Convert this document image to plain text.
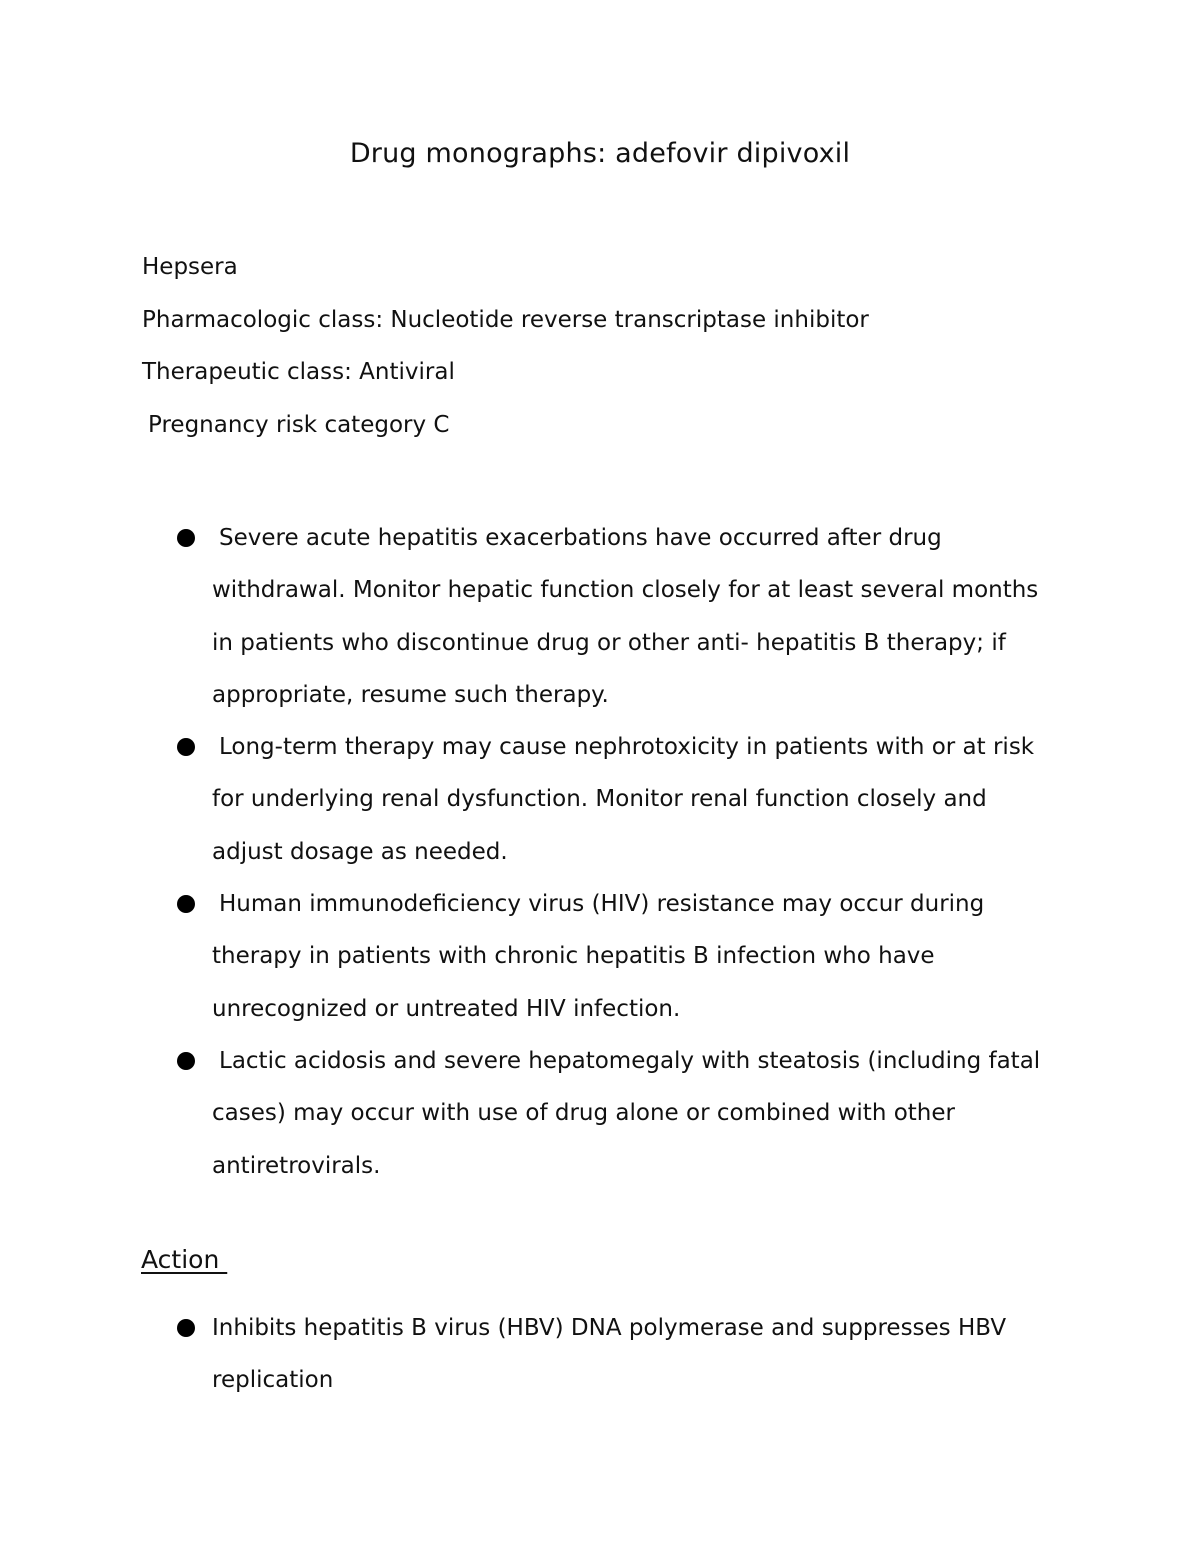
Drug monographs: adefovir dipivoxil
Hepsera
Pharmacologic class: Nucleotide reverse transcriptase inhibitor
Therapeutic class: Antiviral
Pregnancy risk category C
Severe acute hepatitis exacerbations have occurred after drug withdrawal. Monitor hepatic function closely for at least several months in patients who discontinue drug or other anti- hepatitis B therapy; if appropriate, resume such therapy.
Long-term therapy may cause nephrotoxicity in patients with or at risk for underlying renal dysfunction. Monitor renal function closely and adjust dosage as needed.
Human immunodeficiency virus (HIV) resistance may occur during therapy in patients with chronic hepatitis B infection who have unrecognized or untreated HIV infection.
Lactic acidosis and severe hepatomegaly with steatosis (including fatal cases) may occur with use of drug alone or combined with other antiretrovirals.
Action
Inhibits hepatitis B virus (HBV) DNA polymerase and suppresses HBV replication
